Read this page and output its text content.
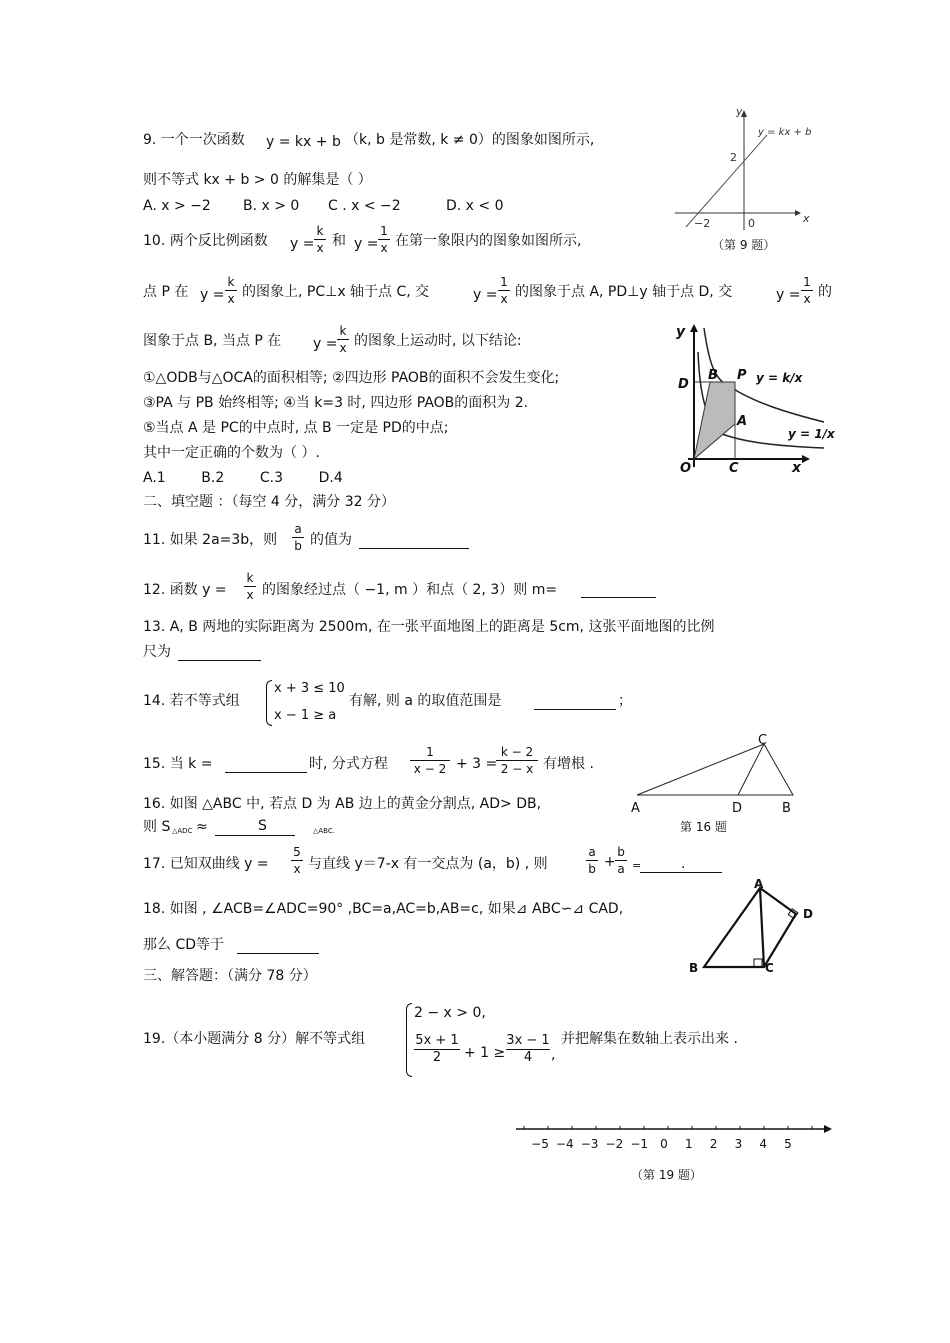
9. 一个一次函数 y = kx + b （k, b 是常数, k ≠ 0）的图象如图所示,
则不等式 kx + b > 0 的解集是（ ）
A. x > −2 B. x > 0 C . x < −2	D. x < 0
y
x
y = kx + b
2
−2	0
（第 9 题）
10. 两个反比例函数 y =
k
x 和 y =
1
x 在第一象限内的图象如图所示,
点 P 在 y =
k
x 的图象上, PC⊥x 轴于点 C, 交	y =
1
x 的图象于点 A, PD⊥y 轴于点 D, 交	y =
1
x 的
图象于点 B, 当点 P 在 y =
k
x 的图象上运动时, 以下结论:
①△ODB与△OCA的面积相等; ②四边形 PAOB的面积不会发生变化;
③PA 与 PB 始终相等; ④当 k=3 时, 四边形 PAOB的面积为 2.
⑤当点 A 是 PC的中点时, 点 B 一定是 PD的中点;
其中一定正确的个数为（ ）.
A.1        B.2        C.3        D.4
y
x
O	C
D
B P
A
y = k/x
y = 1/x
二、填空题 ：（每空 4 分，满分 32 分）
11. 如果 2a=3b，则
a
b 的值为
12. 函数 y =
k
x 的图象经过点（ −1, m ）和点（ 2, 3）则 m=
13. A, B 两地的实际距离为 2500m, 在一张平面地图上的距离是 5cm, 这张平面地图的比例
尺为
14. 若不等式组
x + 3 ≤ 10
x − 1 ≥ a
有解, 则 a 的取值范围是	；
15. 当 k =	时, 分式方程
1
x − 2 + 3 =
k − 2
2 − x 有增根 .
16. 如图 △ABC 中, 若点 D 为 AB 边上的黄金分割点, AD> DB,
则 S △ADC ≈	S	△ABC.
C
A	D	B
第 16 题
17. 已知双曲线 y =
5
x 与直线 y＝7-x 有一交点为 (a，b) , 则
a
b +
b
a =	.
18. 如图 , ∠ACB=∠ADC=90° ,BC=a,AC=b,AB=c, 如果⊿ ABC∽⊿ CAD,
那么 CD等于
A
B	C
D
三、解答题：（满分 78 分）
19.（本小题满分 8 分）解不等式组
2 − x > 0,
5x + 1
2	+ 1 ≥
3x − 1
4	,
并把解集在数轴上表示出来 .
−5 −4 −3 −2 −1 0 1 2 3 4 5
（第 19 题）
